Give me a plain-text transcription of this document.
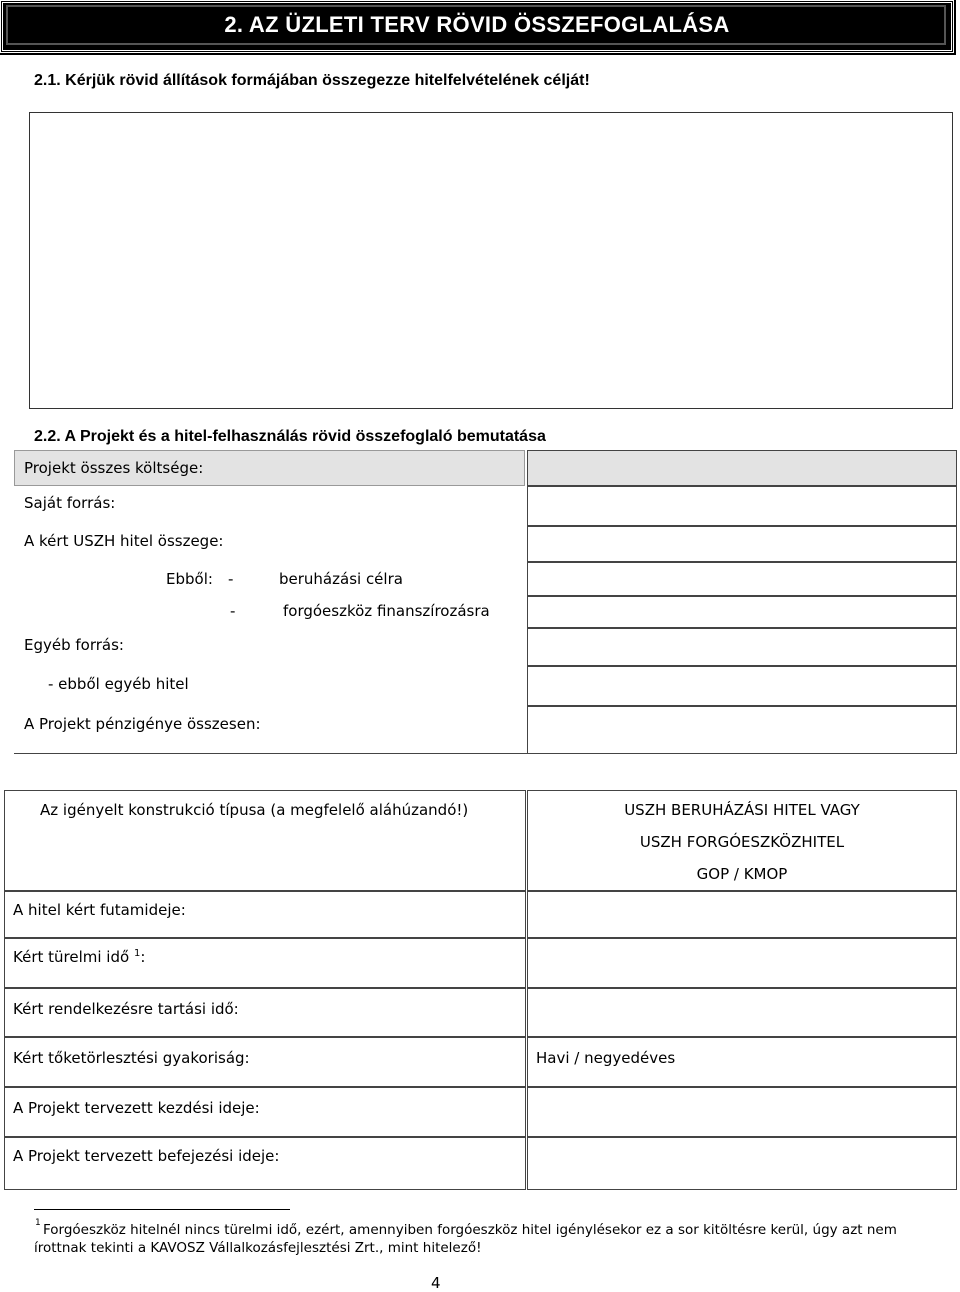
2. AZ ÜZLETI TERV RÖVID ÖSSZEFOGLALÁSA
2.1. Kérjük rövid állítások formájában összegezze hitelfelvételének célját!
2.2. A Projekt és a hitel-felhasználás rövid összefoglaló bemutatása
Projekt összes költsége:
Saját forrás:
A kért USZH hitel összege:
Ebből: -	beruházási célra
-	forgóeszköz finanszírozásra
Egyéb forrás:
- ebből egyéb hitel
A Projekt pénzigénye összesen:
Az igényelt konstrukció típusa (a megfelelő aláhúzandó!)	USZH BERUHÁZÁSI HITEL VAGY
USZH FORGÓESZKÖZHITEL
GOP / KMOP
A hitel kért futamideje:
Kért türelmi idő $^1$:
Kért rendelkezésre tartási idő:
Kért tőketörlesztési gyakoriság:	Havi / negyedéves
A Projekt tervezett kezdési ideje:
A Projekt tervezett befejezési ideje:
1 Forgóeszköz hitelnél nincs türelmi idő, ezért, amennyiben forgóeszköz hitel igénylésekor ez a sor kitöltésre kerül, úgy azt nem
írottnak tekinti a KAVOSZ Vállalkozásfejlesztési Zrt., mint hitelező!
4
